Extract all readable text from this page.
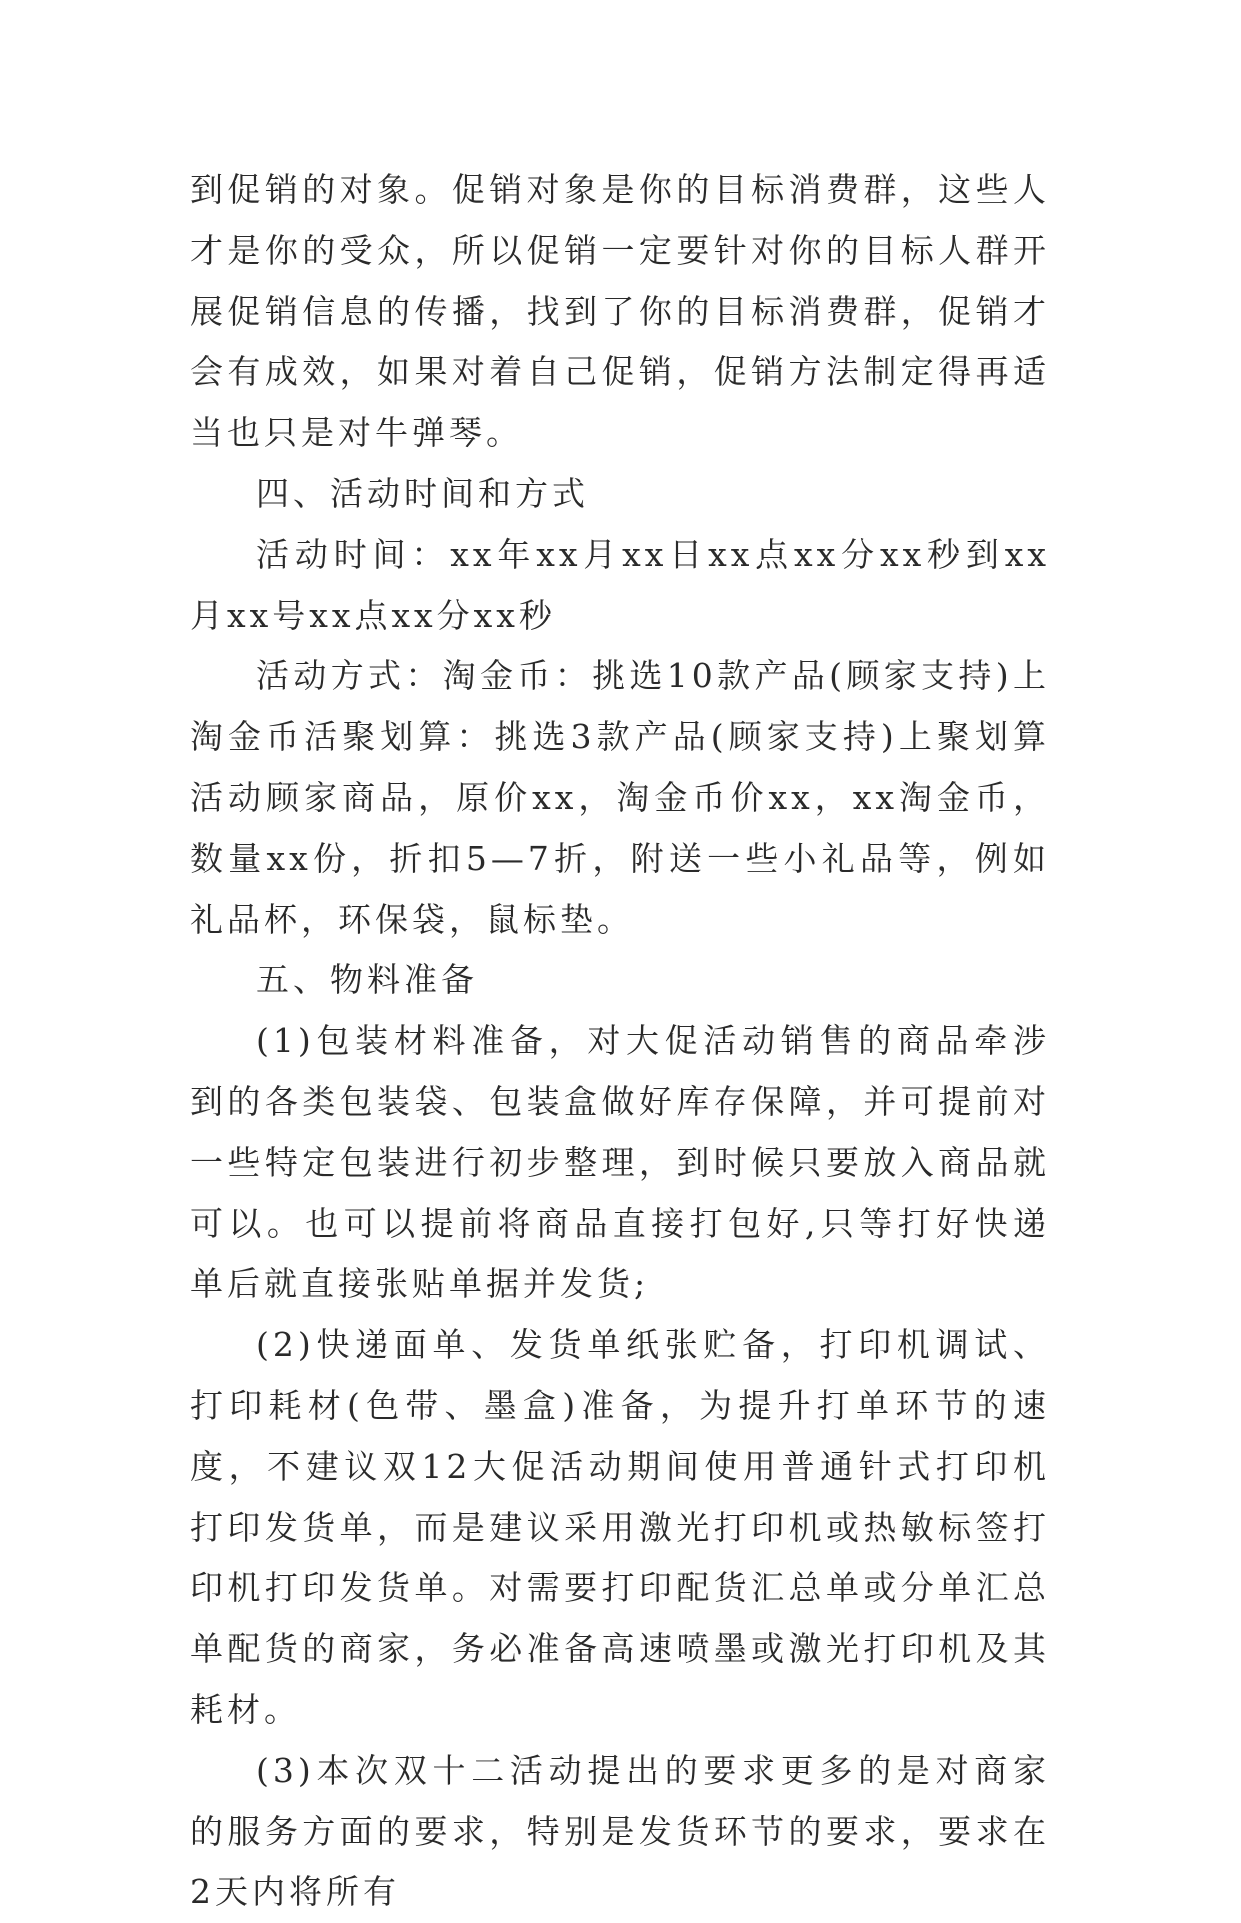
到促销的对象。促销对象是你的目标消费群，这些人才是你的受众，所以促销一定要针对你的目标人群开展促销信息的传播，找到了你的目标消费群，促销才会有成效，如果对着自己促销，促销方法制定得再适当也只是对牛弹琴。

四、活动时间和方式

活动时间：xx年xx月xx日xx点xx分xx秒到xx月xx号xx点xx分xx秒

活动方式：淘金币：挑选10款产品(顾家支持)上淘金币活聚划算：挑选3款产品(顾家支持)上聚划算活动顾家商品，原价xx，淘金币价xx，xx淘金币，数量xx份，折扣5—7折，附送一些小礼品等，例如礼品杯，环保袋，鼠标垫。

五、物料准备

(1)包装材料准备，对大促活动销售的商品牵涉到的各类包装袋、包装盒做好库存保障，并可提前对一些特定包装进行初步整理，到时候只要放入商品就可以。也可以提前将商品直接打包好,只等打好快递单后就直接张贴单据并发货;

(2)快递面单、发货单纸张贮备，打印机调试、打印耗材(色带、墨盒)准备，为提升打单环节的速度，不建议双12大促活动期间使用普通针式打印机打印发货单，而是建议采用激光打印机或热敏标签打印机打印发货单。对需要打印配货汇总单或分单汇总单配货的商家，务必准备高速喷墨或激光打印机及其耗材。

(3)本次双十二活动提出的要求更多的是对商家的服务方面的要求，特别是发货环节的要求，要求在2天内将所有
